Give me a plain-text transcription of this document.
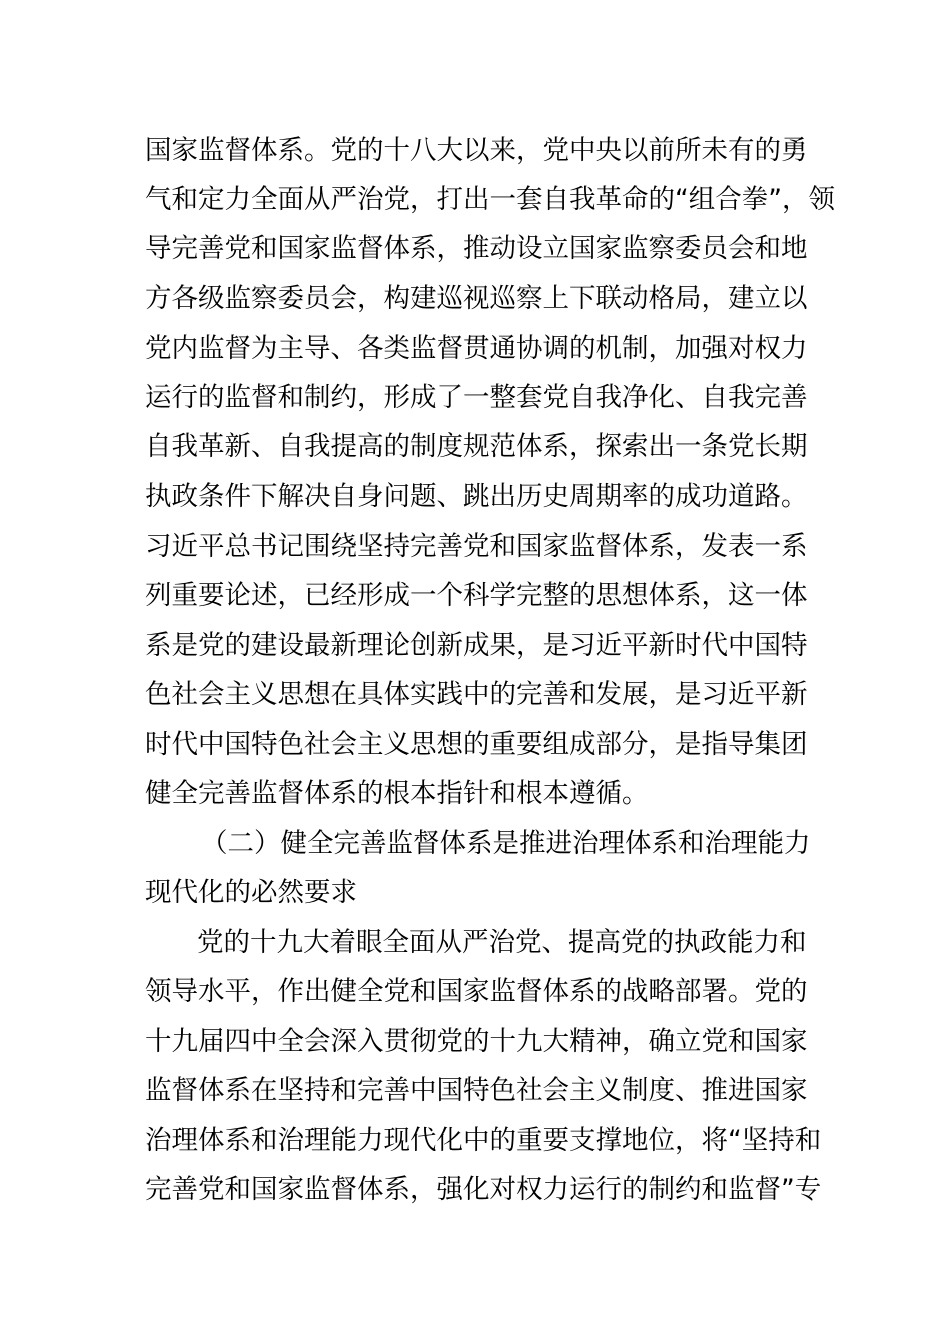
国家监督体系。党的十八大以来，党中央以前所未有的勇
气和定力全面从严治党，打出一套自我革命的“组合拳”，领
导完善党和国家监督体系，推动设立国家监察委员会和地
方各级监察委员会，构建巡视巡察上下联动格局，建立以
党内监督为主导、各类监督贯通协调的机制，加强对权力
运行的监督和制约，形成了一整套党自我净化、自我完善
自我革新、自我提高的制度规范体系，探索出一条党长期
执政条件下解决自身问题、跳出历史周期率的成功道路。
习近平总书记围绕坚持完善党和国家监督体系，发表一系
列重要论述，已经形成一个科学完整的思想体系，这一体
系是党的建设最新理论创新成果，是习近平新时代中国特
色社会主义思想在具体实践中的完善和发展，是习近平新
时代中国特色社会主义思想的重要组成部分，是指导集团
健全完善监督体系的根本指针和根本遵循。
（二）健全完善监督体系是推进治理体系和治理能力
现代化的必然要求
党的十九大着眼全面从严治党、提高党的执政能力和
领导水平，作出健全党和国家监督体系的战略部署。党的
十九届四中全会深入贯彻党的十九大精神，确立党和国家
监督体系在坚持和完善中国特色社会主义制度、推进国家
治理体系和治理能力现代化中的重要支撑地位，将“坚持和
完善党和国家监督体系，强化对权力运行的制约和监督”专
